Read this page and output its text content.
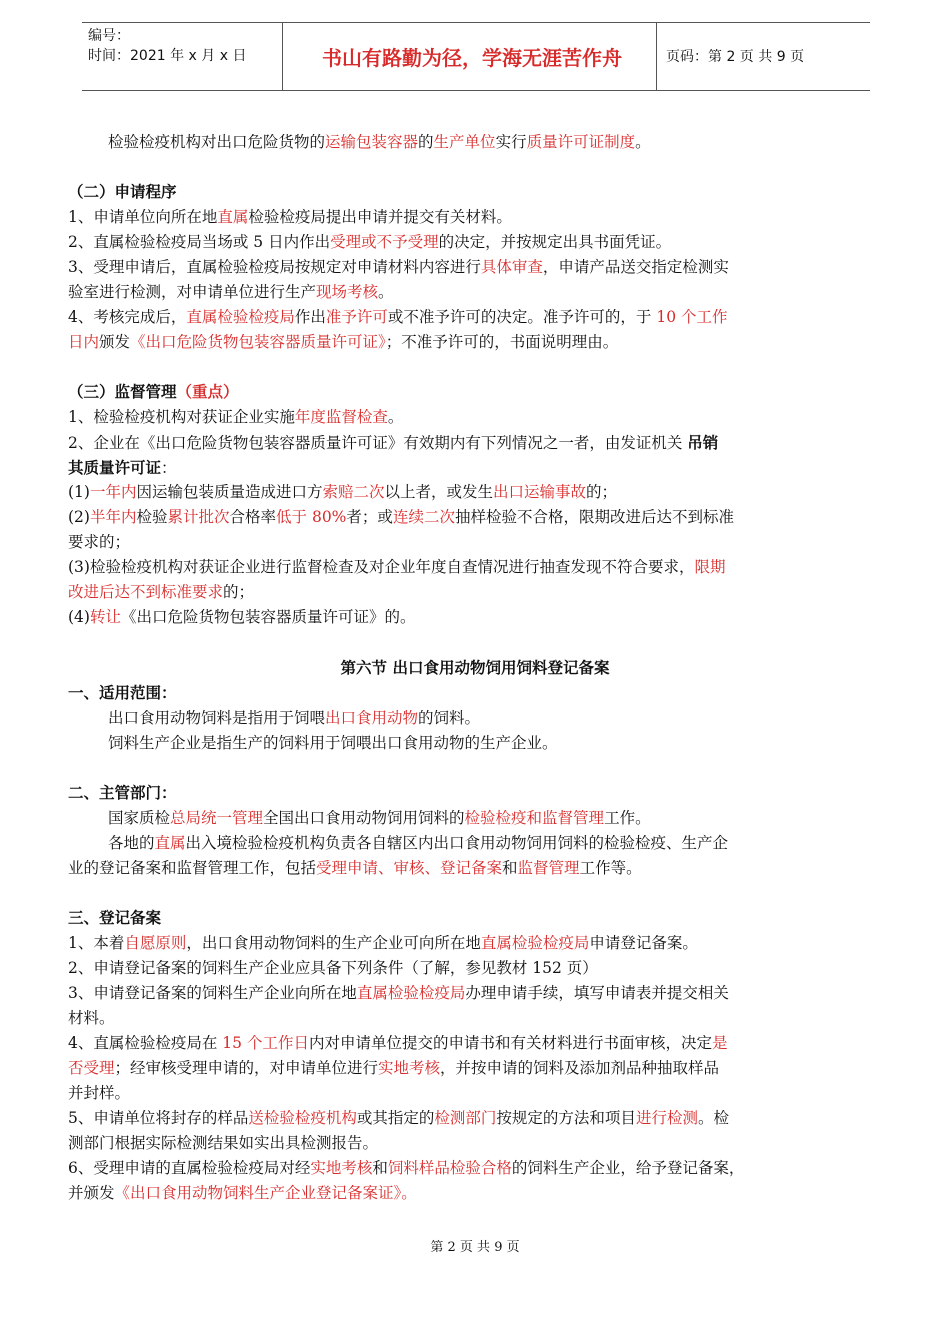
编号：
时间：2021 年 x 月 x 日	书山有路勤为径，学海无涯苦作舟	页码：第 2 页 共 9 页
检验检疫机构对出口危险货物的运输包装容器的生产单位实行质量许可证制度。
（二）申请程序
1、申请单位向所在地直属检验检疫局提出申请并提交有关材料。
2、直属检验检疫局当场或 5 日内作出受理或不予受理的决定，并按规定出具书面凭证。
3、受理申请后，直属检验检疫局按规定对申请材料内容进行具体审查，申请产品送交指定检测实
验室进行检测，对申请单位进行生产现场考核。
4、考核完成后，直属检验检疫局作出准予许可或不准予许可的决定。准予许可的，于 10 个工作
日内颁发《出口危险货物包装容器质量许可证》；不准予许可的，书面说明理由。
（三）监督管理（重点）
1、检验检疫机构对获证企业实施年度监督检查。
2、企业在《出口危险货物包装容器质量许可证》有效期内有下列情况之一者，由发证机关 吊销
其质量许可证：
(1)一年内因运输包装质量造成进口方索赔二次以上者，或发生出口运输事故的；
(2)半年内检验累计批次合格率低于 80%者；或连续二次抽样检验不合格，限期改进后达不到标准
要求的；
(3)检验检疫机构对获证企业进行监督检查及对企业年度自查情况进行抽查发现不符合要求，限期
改进后达不到标准要求的；
(4)转让《出口危险货物包装容器质量许可证》的。
第六节 出口食用动物饲用饲料登记备案
一、适用范围：
出口食用动物饲料是指用于饲喂出口食用动物的饲料。
饲料生产企业是指生产的饲料用于饲喂出口食用动物的生产企业。
二、主管部门：
国家质检总局统一管理全国出口食用动物饲用饲料的检验检疫和监督管理工作。
各地的直属出入境检验检疫机构负责各自辖区内出口食用动物饲用饲料的检验检疫、生产企
业的登记备案和监督管理工作，包括受理申请、审核、登记备案和监督管理工作等。
三、登记备案
1、本着自愿原则，出口食用动物饲料的生产企业可向所在地直属检验检疫局申请登记备案。
2、申请登记备案的饲料生产企业应具备下列条件（了解，参见教材 152 页）
3、申请登记备案的饲料生产企业向所在地直属检验检疫局办理申请手续，填写申请表并提交相关
材料。
4、直属检验检疫局在 15 个工作日内对申请单位提交的申请书和有关材料进行书面审核，决定是
否受理；经审核受理申请的，对申请单位进行实地考核，并按申请的饲料及添加剂品种抽取样品
并封样。
5、申请单位将封存的样品送检验检疫机构或其指定的检测部门按规定的方法和项目进行检测。检
测部门根据实际检测结果如实出具检测报告。
6、受理申请的直属检验检疫局对经实地考核和饲料样品检验合格的饲料生产企业，给予登记备案，
并颁发《出口食用动物饲料生产企业登记备案证》。
第 2 页 共 9 页
